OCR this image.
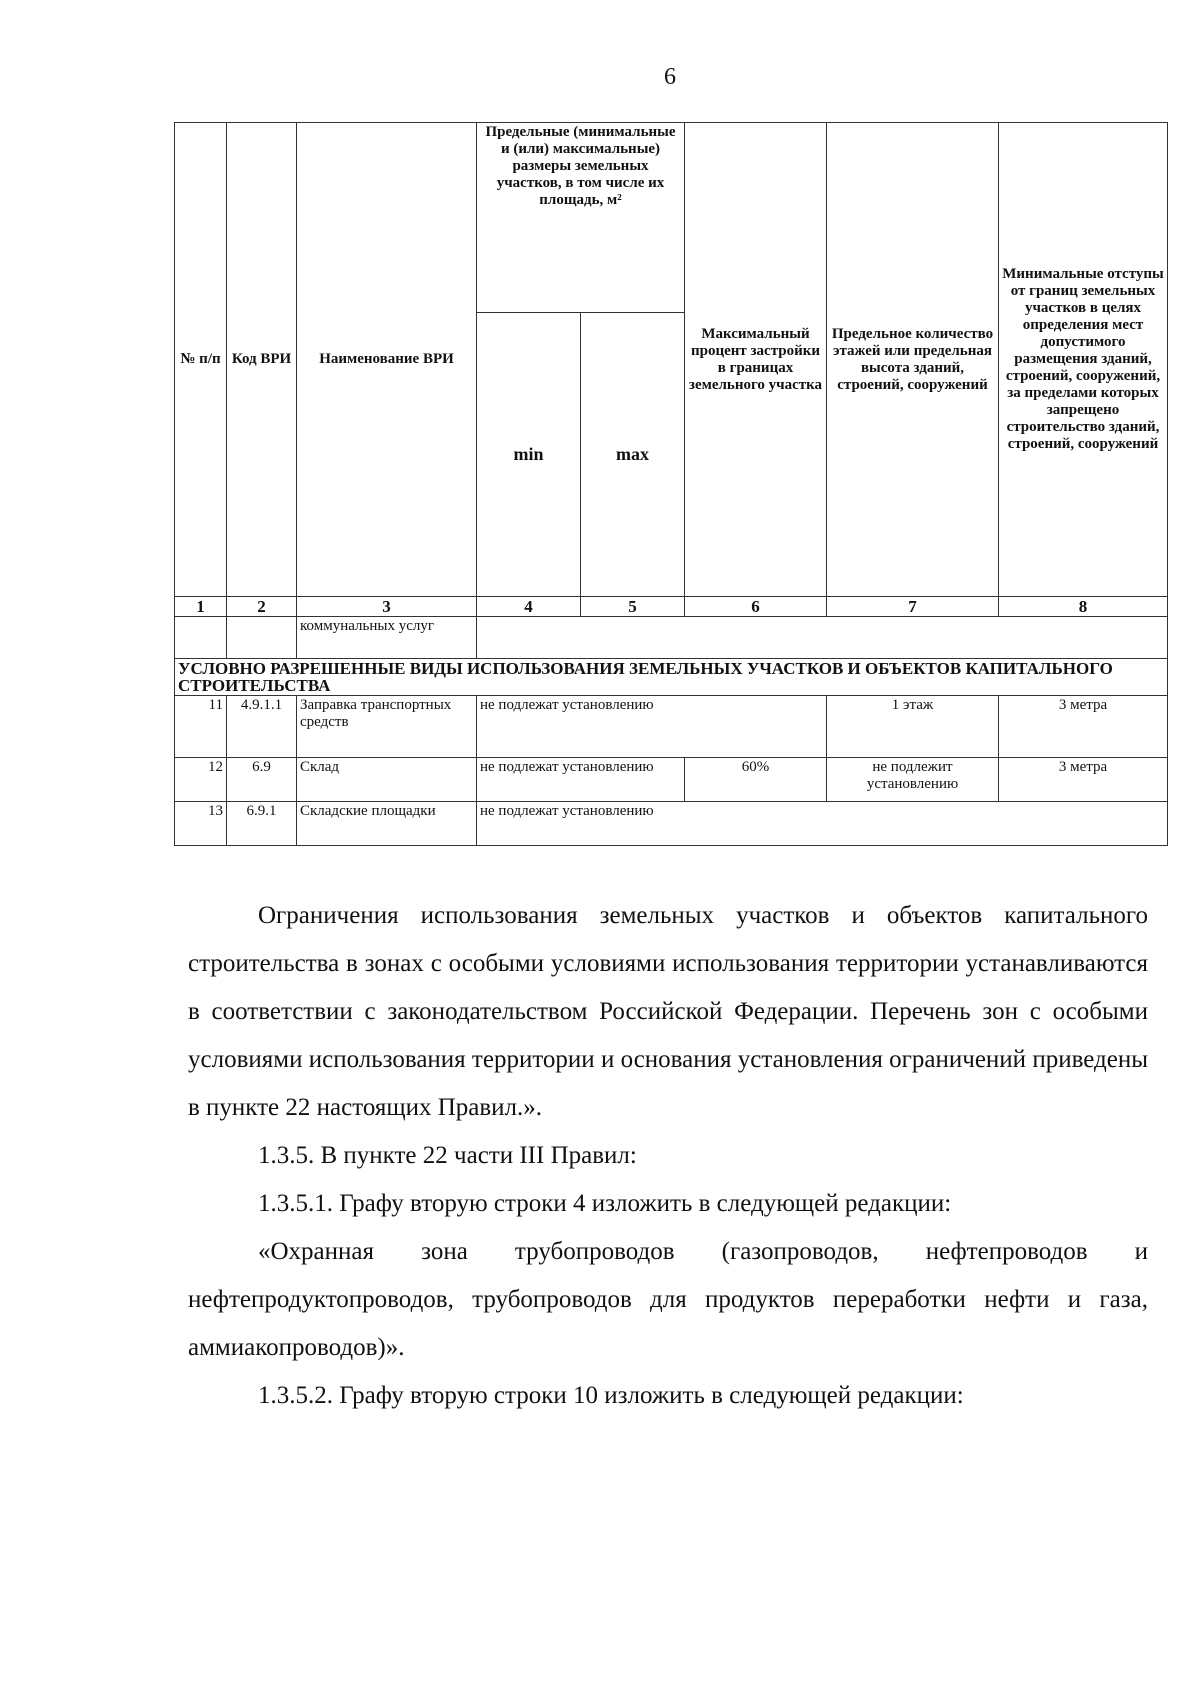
6
№ п/п	Код ВРИ	Наименование ВРИ	Предельные (минимальные и (или) максимальные) размеры земельных участков, в том числе их площадь, м²		Максимальный процент застройки в границах земельного участка	Предельное количество этажей или предельная высота зданий, строений, сооружений	Минимальные отступы от границ земельных участков в целях определения мест допустимого размещения зданий, строений, сооружений, за пределами которых запрещено строительство зданий, строений, сооружений
			min	max			
1	2	3	4	5	6	7	8
		коммунальных услуг					
УСЛОВНО РАЗРЕШЕННЫЕ ВИДЫ ИСПОЛЬЗОВАНИЯ ЗЕМЕЛЬНЫХ УЧАСТКОВ И ОБЪЕКТОВ КАПИТАЛЬНОГО СТРОИТЕЛЬСТВА							
11	4.9.1.1	Заправка транспортных средств	не подлежат установлению			1 этаж	3 метра
12	6.9	Склад	не подлежат установлению		60%	не подлежит установлению	3 метра
13	6.9.1	Складские площадки	не подлежат установлению				

Ограничения использования земельных участков и объектов капитального строительства в зонах с особыми условиями использования территории устанавливаются в соответствии с законодательством Российской Федерации. Перечень зон с особыми условиями использования территории и основания установления ограничений приведены в пункте 22 настоящих Правил.».

1.3.5. В пункте 22 части III Правил:

1.3.5.1. Графу вторую строки 4 изложить в следующей редакции:

«Охранная зона трубопроводов (газопроводов, нефтепроводов и нефтепродуктопроводов, трубопроводов для продуктов переработки нефти и газа, аммиакопроводов)».

1.3.5.2. Графу вторую строки 10 изложить в следующей редакции:
